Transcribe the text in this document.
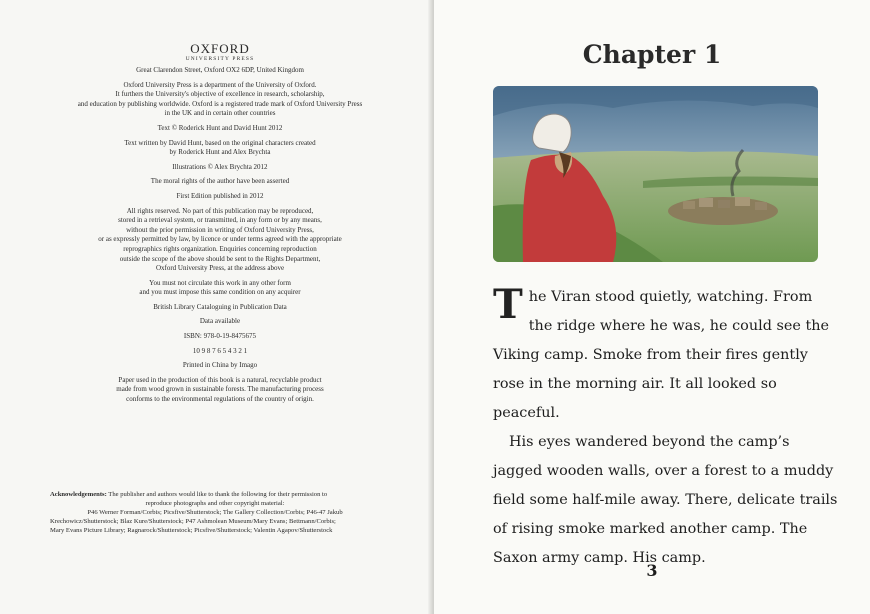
OXFORD

UNIVERSITY PRESS

Great Clarendon Street, Oxford OX2 6DP, United Kingdom

Oxford University Press is a department of the University of Oxford.

It furthers the University's objective of excellence in research, scholarship,

and education by publishing worldwide. Oxford is a registered trade mark of Oxford University Press

in the UK and in certain other countries

Text © Roderick Hunt and David Hunt 2012

Text written by David Hunt, based on the original characters created

by Roderick Hunt and Alex Brychta

Illustrations © Alex Brychta 2012

The moral rights of the author have been asserted

First Edition published in 2012

All rights reserved. No part of this publication may be reproduced,

stored in a retrieval system, or transmitted, in any form or by any means,

without the prior permission in writing of Oxford University Press,

or as expressly permitted by law, by licence or under terms agreed with the appropriate

reprographics rights organization. Enquiries concerning reproduction

outside the scope of the above should be sent to the Rights Department,

Oxford University Press, at the address above

You must not circulate this work in any other form

and you must impose this same condition on any acquirer

British Library Cataloguing in Publication Data

Data available

ISBN: 978-0-19-8475675

10 9 8 7 6 5 4 3 2 1

Printed in China by Imago

Paper used in the production of this book is a natural, recyclable product

made from wood grown in sustainable forests. The manufacturing process

conforms to the environmental regulations of the country of origin.

Acknowledgements: The publisher and authors would like to thank the following for their permission to

reproduce photographs and other copyright material:

P46 Werner Forman/Corbis; Picsfive/Shutterstock; The Gallery Collection/Corbis; P46-47 Jakub

Krechowicz/Shutterstock; Blaz Kure/Shutterstock; P47 Ashmolean Museum/Mary Evans; Bettmann/Corbis;

Mary Evans Picture Library; Ragnarock/Shutterstock; Picsfive/Shutterstock; Valentin Agapov/Shutterstock

Chapter 1

The Viran stood quietly, watching. From the ridge where he was, he could see the Viking camp. Smoke from their fires gently rose in the morning air. It all looked so peaceful.

His eyes wandered beyond the camp’s jagged wooden walls, over a forest to a muddy field some half-mile away. There, delicate trails of rising smoke marked another camp. The Saxon army camp. His camp.

3
